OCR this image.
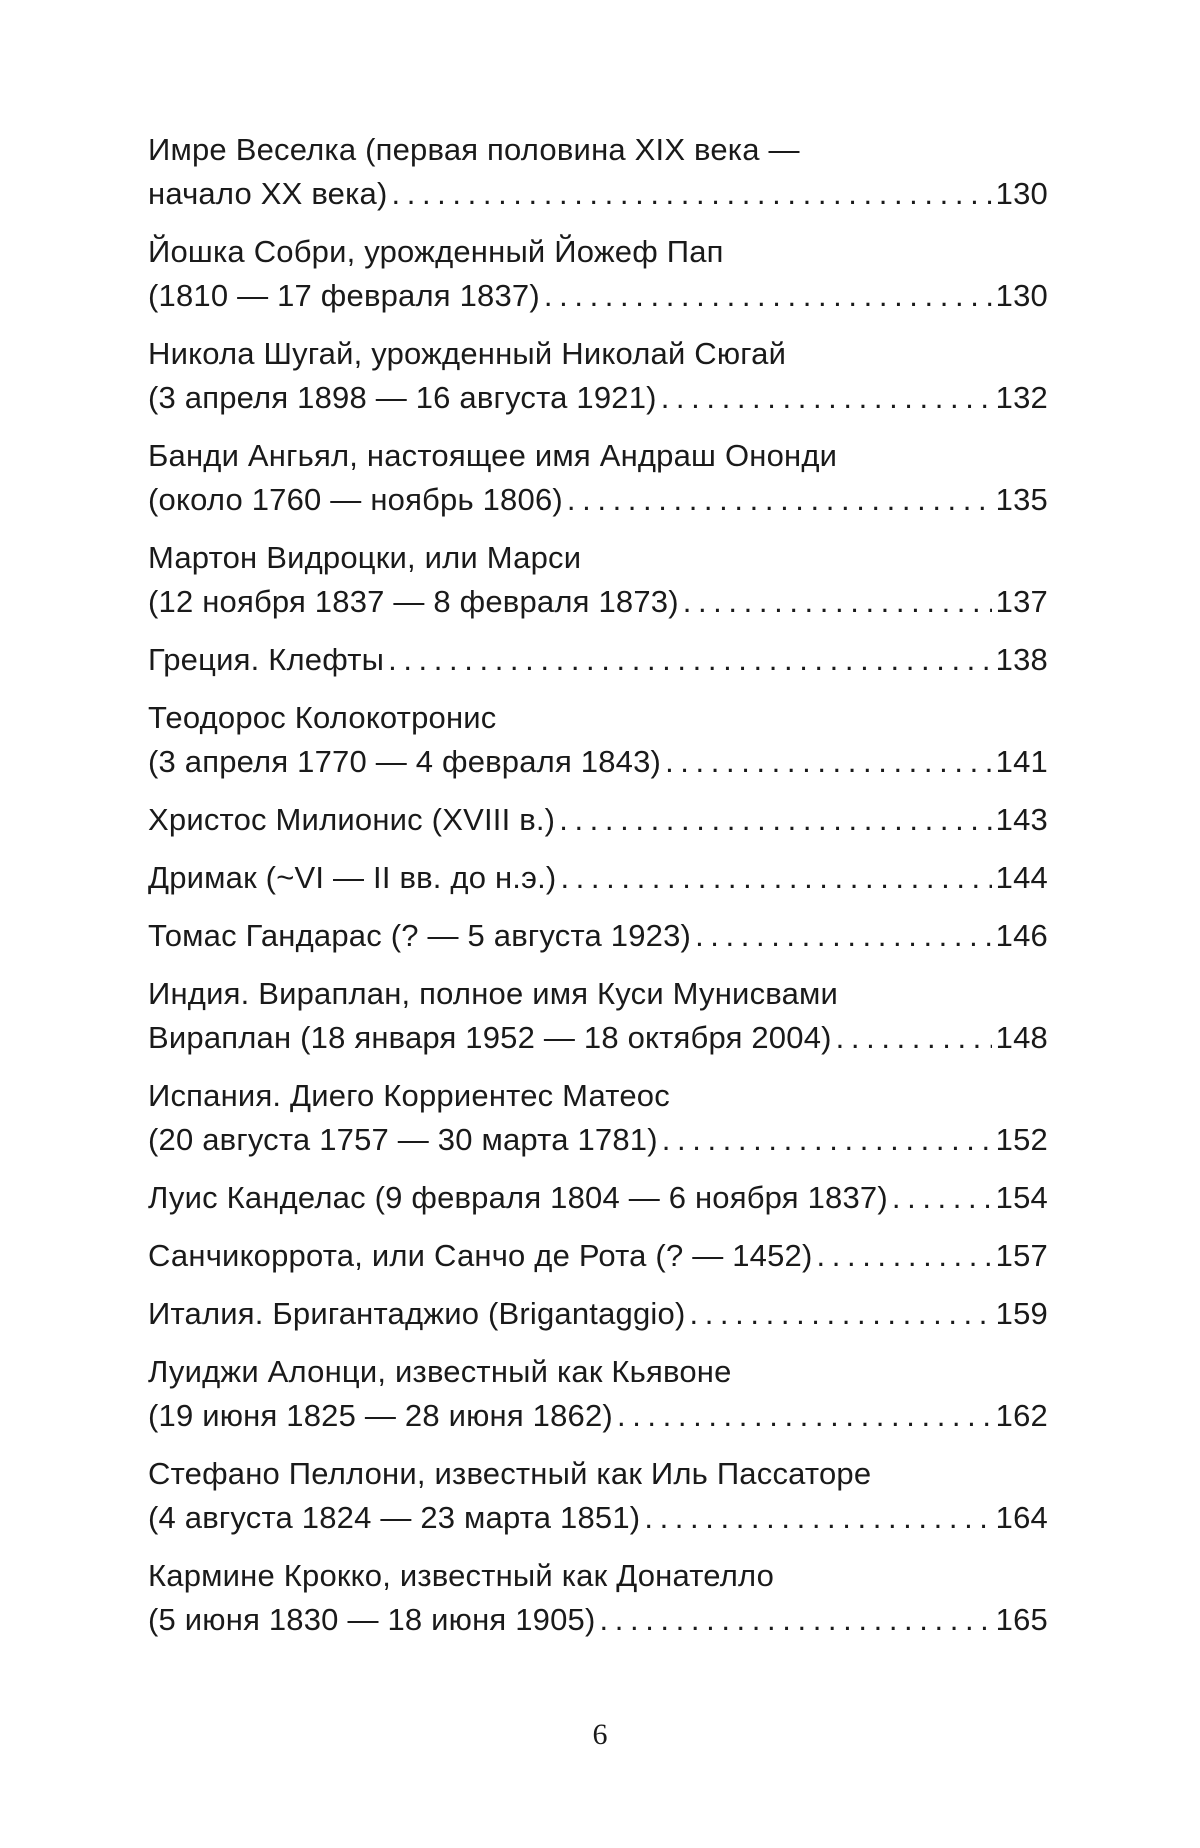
Имре Веселка (первая половина XIX века —
начало XX века) . . .	130
Йошка Собри, урожденный Йожеф Пап
(1810 — 17 февраля 1837) . . .	130
Никола Шугай, урожденный Николай Сюгай
(3 апреля 1898 — 16 августа 1921) . . .	132
Банди Ангьял, настоящее имя Андраш Ононди
(около 1760 — ноябрь 1806) . . .	135
Мартон Видроцки, или Марси
(12 ноября 1837 — 8 февраля 1873) . . .	137
Греция. Клефты . . .	138
Теодорос Колокотронис
(3 апреля 1770 — 4 февраля 1843) . . .	141
Христос Милионис (XVIII в.) . . .	143
Дримак (~VI — II вв. до н.э.) . . .	144
Томас Гандарас (? — 5 августа 1923) . . .	146
Индия. Вираплан, полное имя Куси Мунисвами
Вираплан (18 января 1952 — 18 октября 2004) . . .	148
Испания. Диего Корриентес Матеос
(20 августа 1757 — 30 марта 1781) . . .	152
Луис Канделас (9 февраля 1804 — 6 ноября 1837) . . .	154
Санчикоррота, или Санчо де Рота (? — 1452) . . .	157
Италия. Бригантаджио (Brigantaggio) . . .	159
Луиджи Алонци, известный как Кьявоне
(19 июня 1825 — 28 июня 1862) . . .	162
Стефано Пеллони, известный как Иль Пассаторе
(4 августа 1824 — 23 марта 1851) . . .	164
Кармине Крокко, известный как Донателло
(5 июня 1830 — 18 июня 1905) . . .	165
6
